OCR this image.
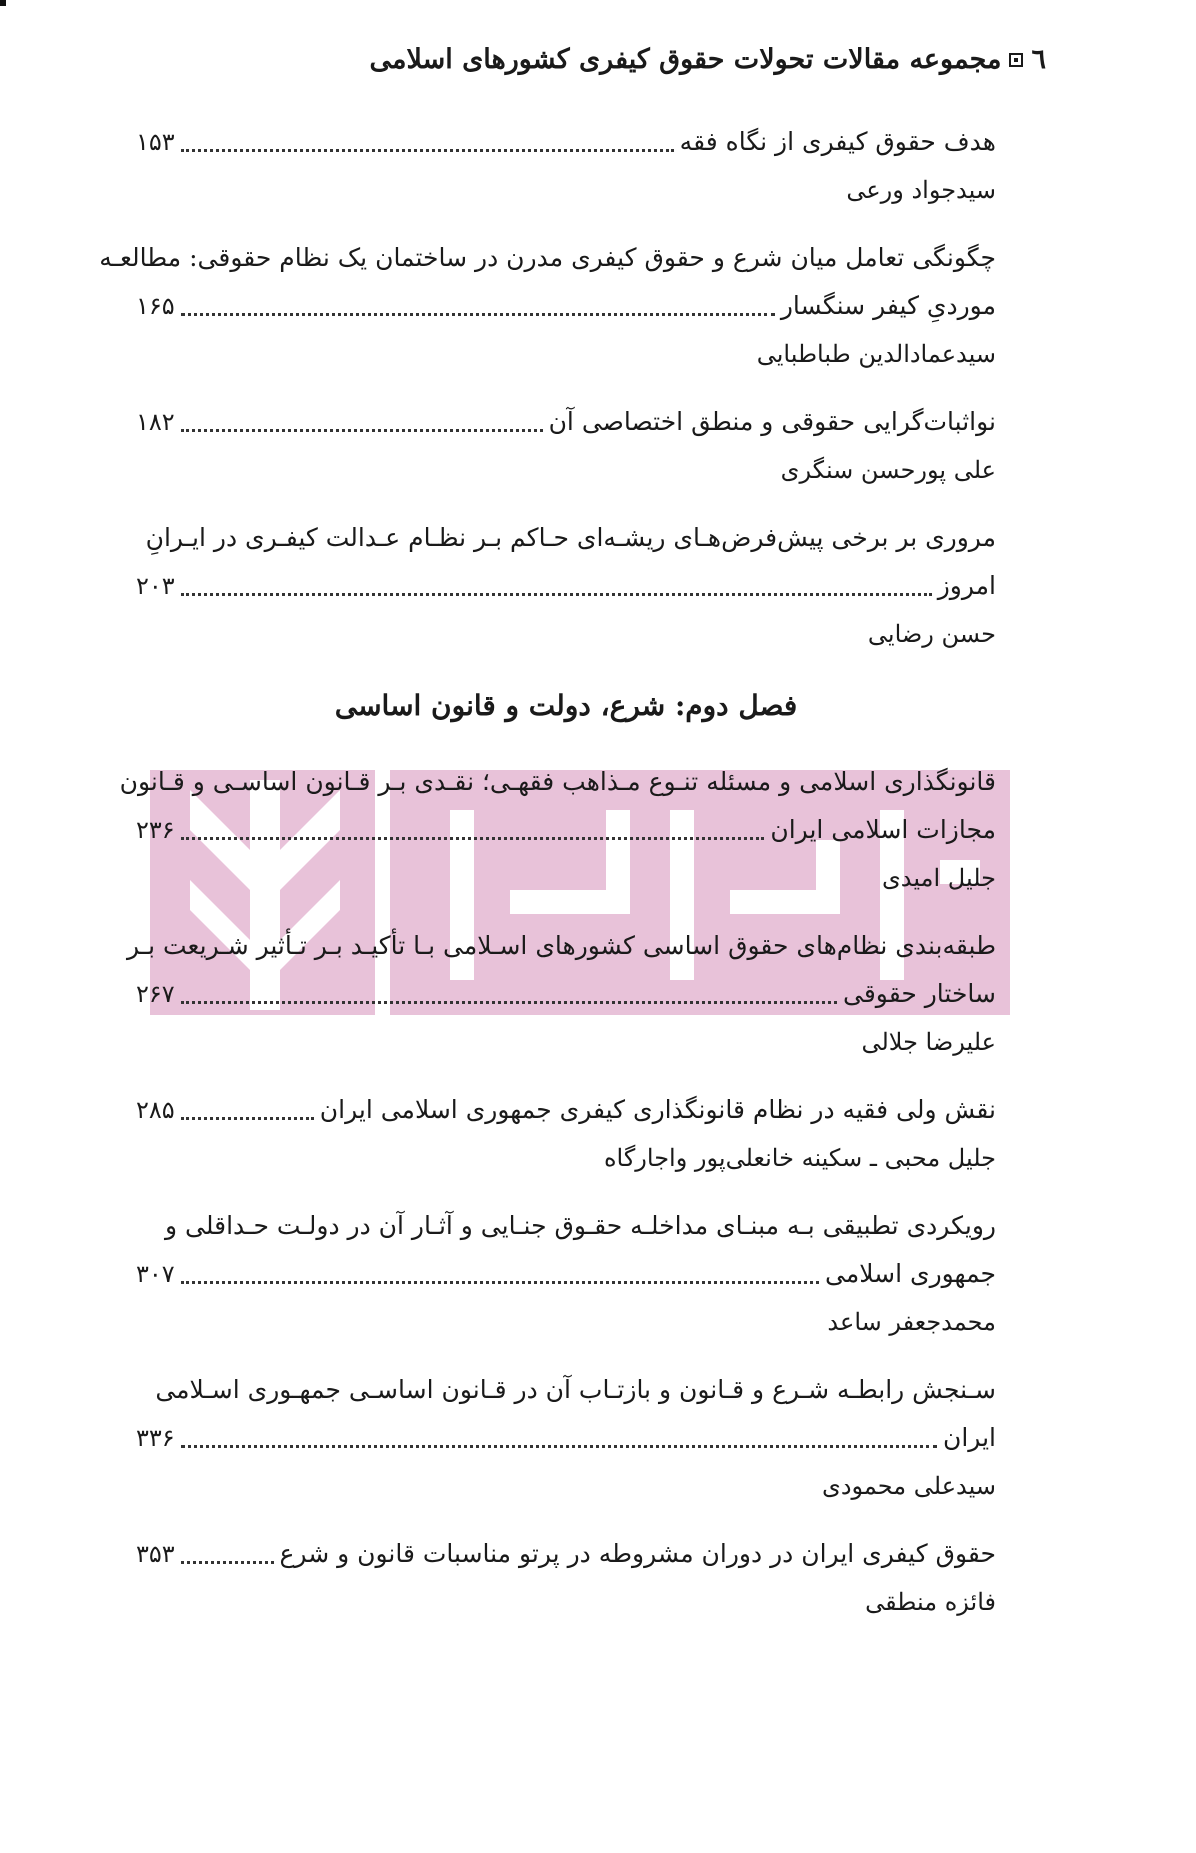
٦
مجموعه مقالات تحولات حقوق کیفری کشورهای اسلامی
هدف حقوق کیفری از نگاه فقه
۱۵۳
سیدجواد ورعی
چگونگی تعامل میان شرع و حقوق کیفری مدرن در ساختمان یک نظام حقوقی: مطالعـه
موردیِ کیفر سنگسار
۱۶۵
سیدعمادالدین طباطبایی
نواثبات‌گرایی حقوقی و منطق اختصاصی آن
۱۸۲
علی پورحسن سنگری
مروری بر برخی پیش‌فرض‌هـای ریشـه‌ای حـاکم بـر نظـام عـدالت کیفـری در ایـرانِ
امروز
۲۰۳
حسن رضایی
فصل دوم: شرع، دولت و قانون اساسی
قانونگذاری اسلامی و مسئله تنـوع مـذاهب فقهـی؛ نقـدی بـر قـانون اساسـی و قـانون
مجازات اسلامی ایران
۲۳۶
جلیل امیدی
طبقه‌بندی نظام‌های حقوق اساسی کشورهای اسـلامی بـا تأکیـد بـر تـأثیر شـریعت بـر
ساختار حقوقی
۲۶۷
علیرضا جلالی
نقش ولی فقیه در نظام قانونگذاری کیفری جمهوری اسلامی ایران
۲۸۵
جلیل محبی ـ سکینه خانعلی‌پور واجارگاه
رویکردی تطبیقی بـه مبنـای مداخلـه حقـوق جنـایی و آثـار آن در دولـت حـداقلی و
جمهوری اسلامی
۳۰۷
محمدجعفر ساعد
سـنجش رابطـه شـرع و قـانون و بازتـاب آن در قـانون اساسـی جمهـوری اسـلامی
ایران
۳۳۶
سیدعلی محمودی
حقوق کیفری ایران در دوران مشروطه در پرتو مناسبات قانون و شرع
۳۵۳
فائزه منطقی
